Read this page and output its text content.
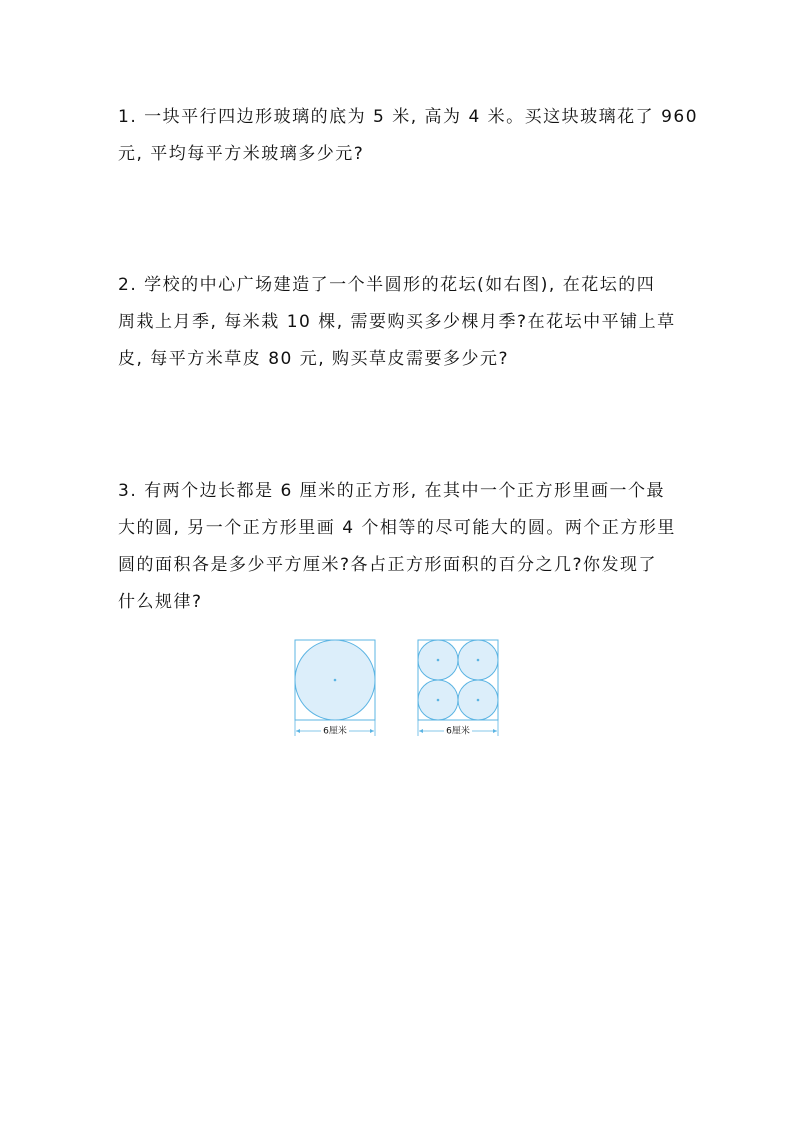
1. 一块平行四边形玻璃的底为 5 米, 高为 4 米。买这块玻璃花了 960
元, 平均每平方米玻璃多少元?
2. 学校的中心广场建造了一个半圆形的花坛(如右图), 在花坛的四
周栽上月季, 每米栽 10 棵, 需要购买多少棵月季?在花坛中平铺上草
皮, 每平方米草皮 80 元, 购买草皮需要多少元?
3. 有两个边长都是 6 厘米的正方形, 在其中一个正方形里画一个最
大的圆, 另一个正方形里画 4 个相等的尽可能大的圆。两个正方形里
圆的面积各是多少平方厘米?各占正方形面积的百分之几?你发现了
什么规律?
6厘米	6厘米
